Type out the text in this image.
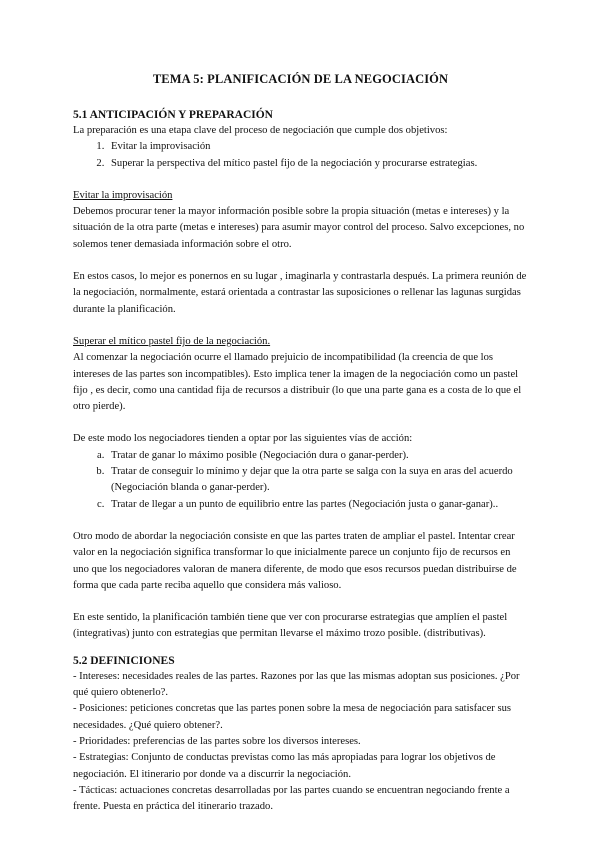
TEMA 5: PLANIFICACIÓN DE LA NEGOCIACIÓN
5.1 ANTICIPACIÓN Y PREPARACIÓN

La preparación es una etapa clave del proceso de negociación que cumple dos objetivos:

1. Evitar la improvisación
2. Superar la perspectiva del mítico pastel fijo de la negociación y procurarse estrategias.

Evitar la improvisación

Debemos procurar tener la mayor información posible sobre la propia situación (metas e intereses) y la situación de la otra parte (metas e intereses) para asumir mayor control del proceso. Salvo excepciones, no solemos tener demasiada información sobre el otro.

En estos casos, lo mejor es ponernos en su lugar , imaginarla y contrastarla después. La primera reunión de la negociación, normalmente, estará orientada a contrastar las suposiciones o rellenar las lagunas surgidas durante la planificación.

Superar el mítico pastel fijo de la negociación.

Al comenzar la negociación ocurre el llamado prejuicio de incompatibilidad (la creencia de que los intereses de las partes son incompatibles). Esto implica tener la imagen de la negociación como un pastel fijo , es decir, como una cantidad fija de recursos a distribuir (lo que una parte gana es a costa de lo que el otro pierde).

De este modo los negociadores tienden a optar por las siguientes vías de acción:

a. Tratar de ganar lo máximo posible (Negociación dura o ganar-perder).
b. Tratar de conseguir lo mínimo y dejar que la otra parte se salga con la suya en aras del acuerdo (Negociación blanda o ganar-perder).
c. Tratar de llegar a un punto de equilibrio entre las partes (Negociación justa o ganar-ganar)..

Otro modo de abordar la negociación consiste en que las partes traten de ampliar el pastel. Intentar crear valor en la negociación significa transformar lo que inicialmente parece un conjunto fijo de recursos en uno que los negociadores valoran de manera diferente, de modo que esos recursos puedan distribuirse de forma que cada parte reciba aquello que considera más valioso.

En este sentido, la planificación también tiene que ver con procurarse estrategias que amplíen el pastel (integrativas) junto con estrategias que permitan llevarse el máximo trozo posible. (distributivas).

5.2 DEFINICIONES

- Intereses: necesidades reales de las partes. Razones por las que las mismas adoptan sus posiciones. ¿Por qué quiero obtenerlo?.

- Posiciones: peticiones concretas que las partes ponen sobre la mesa de negociación para satisfacer sus necesidades. ¿Qué quiero obtener?.

- Prioridades: preferencias de las partes sobre los diversos intereses.

- Estrategias: Conjunto de conductas previstas como las más apropiadas para lograr los objetivos de negociación. El itinerario por donde va a discurrir la negociación.

- Tácticas: actuaciones concretas desarrolladas por las partes cuando se encuentran negociando frente a frente. Puesta en práctica del itinerario trazado.
